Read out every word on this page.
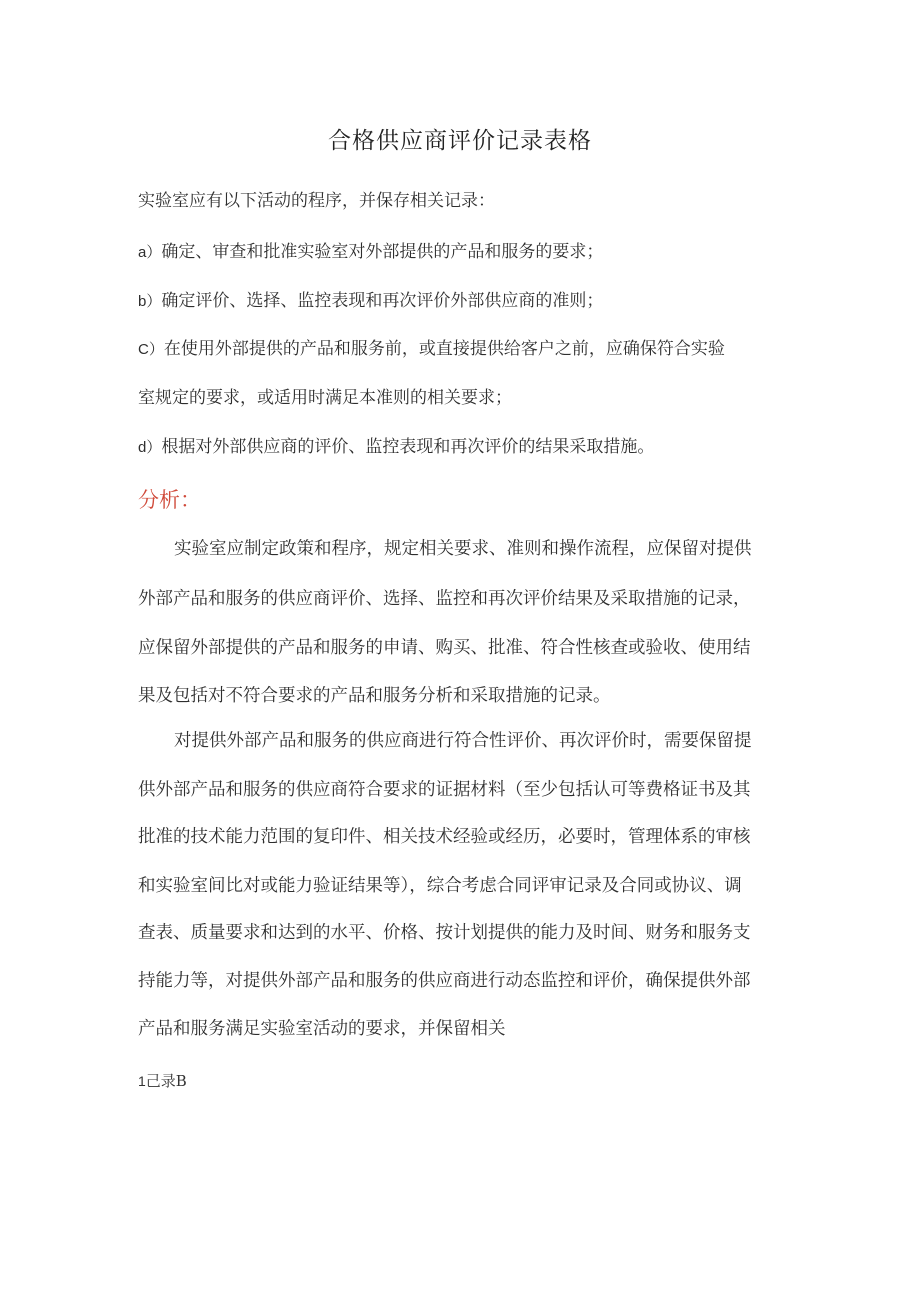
合格供应商评价记录表格
实验室应有以下活动的程序，并保存相关记录：
a）确定、审查和批准实验室对外部提供的产品和服务的要求；
b）确定评价、选择、监控表现和再次评价外部供应商的准则；
C）在使用外部提供的产品和服务前，或直接提供给客户之前，应确保符合实验
室规定的要求，或适用时满足本准则的相关要求；
d）根据对外部供应商的评价、监控表现和再次评价的结果采取措施。
分析：
实验室应制定政策和程序，规定相关要求、准则和操作流程，应保留对提供
外部产品和服务的供应商评价、选择、监控和再次评价结果及采取措施的记录，
应保留外部提供的产品和服务的申请、购买、批准、符合性核查或验收、使用结
果及包括对不符合要求的产品和服务分析和采取措施的记录。
对提供外部产品和服务的供应商进行符合性评价、再次评价时，需要保留提
供外部产品和服务的供应商符合要求的证据材料（至少包括认可等费格证书及其
批准的技术能力范围的复印件、相关技术经验或经历，必要时，管理体系的审核
和实验室间比对或能力验证结果等），综合考虑合同评审记录及合同或协议、调
查表、质量要求和达到的水平、价格、按计划提供的能力及时间、财务和服务支
持能力等，对提供外部产品和服务的供应商进行动态监控和评价，确保提供外部
产品和服务满足实验室活动的要求，并保留相关
1己录B
